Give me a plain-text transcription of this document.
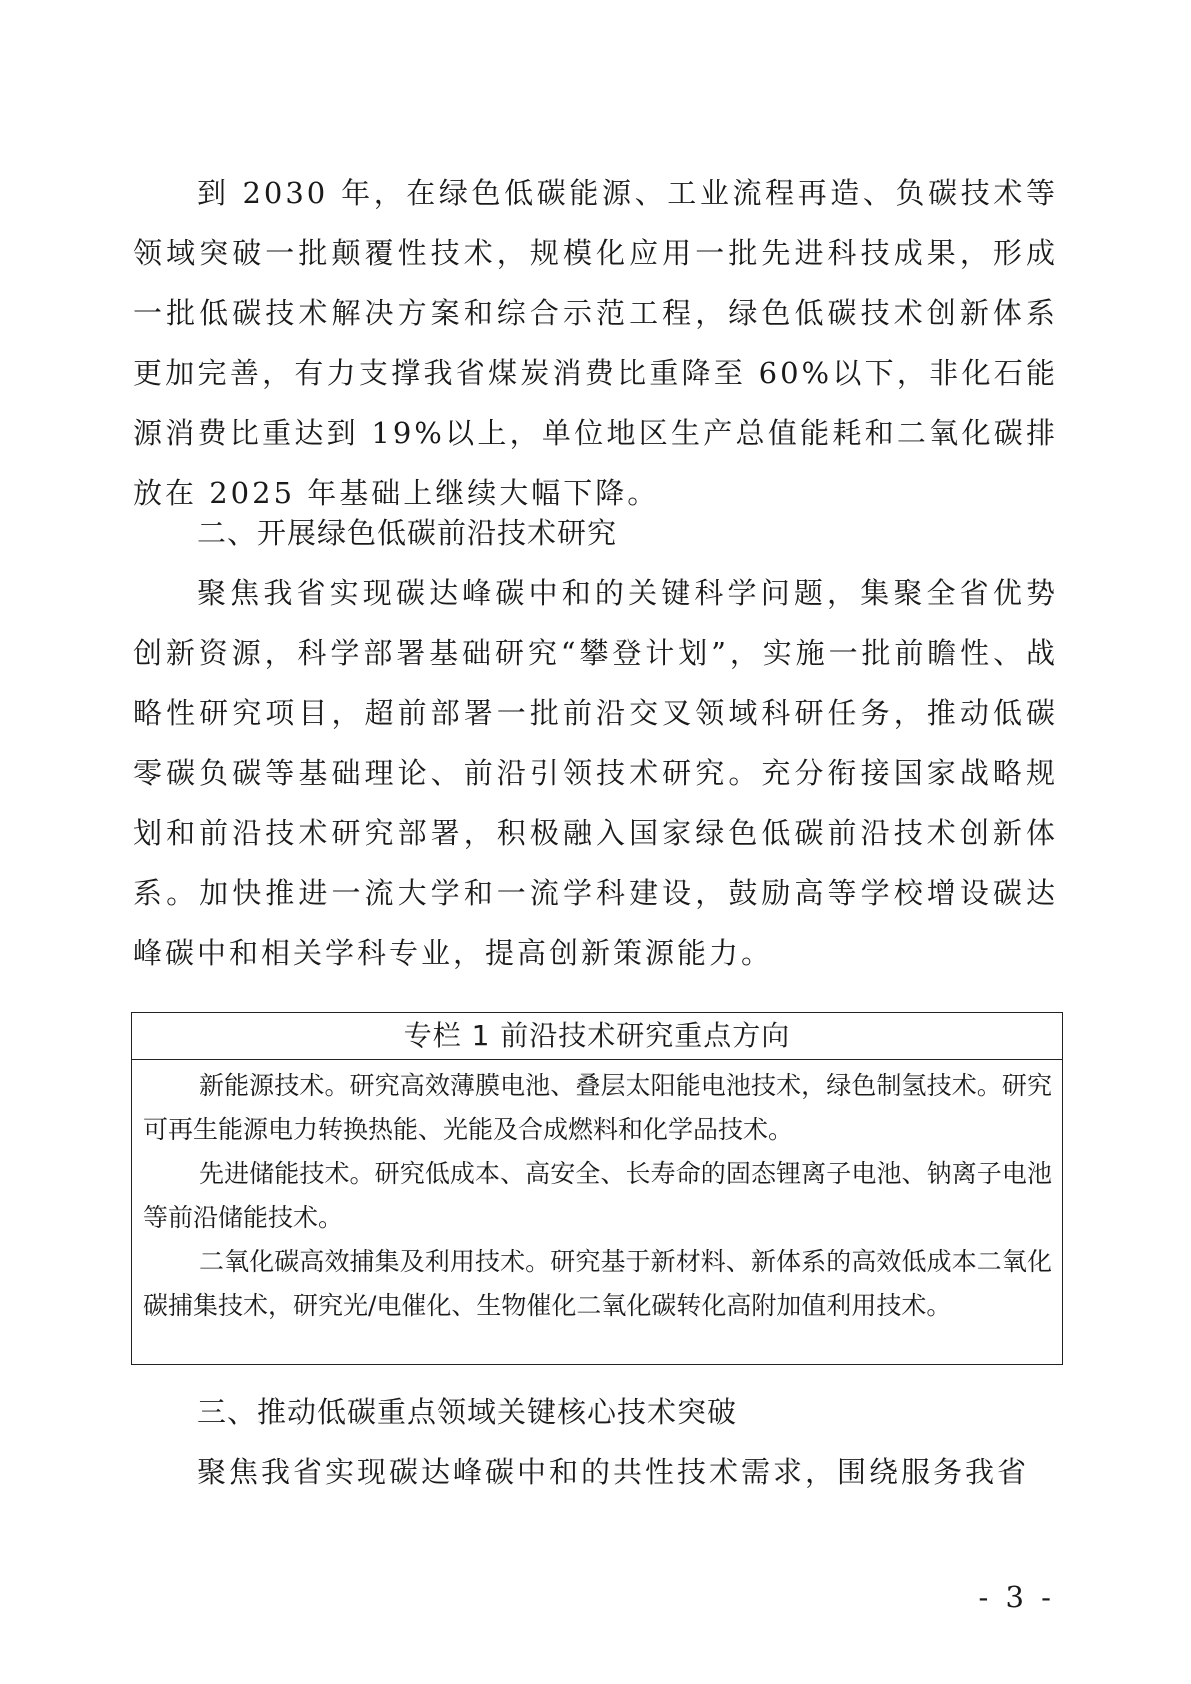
到 2030 年，在绿色低碳能源、工业流程再造、负碳技术等领域突破一批颠覆性技术，规模化应用一批先进科技成果，形成一批低碳技术解决方案和综合示范工程，绿色低碳技术创新体系更加完善，有力支撑我省煤炭消费比重降至 60%以下，非化石能源消费比重达到 19%以上，单位地区生产总值能耗和二氧化碳排放在 2025 年基础上继续大幅下降。

二、开展绿色低碳前沿技术研究

聚焦我省实现碳达峰碳中和的关键科学问题，集聚全省优势创新资源，科学部署基础研究“攀登计划”，实施一批前瞻性、战略性研究项目，超前部署一批前沿交叉领域科研任务，推动低碳零碳负碳等基础理论、前沿引领技术研究。充分衔接国家战略规划和前沿技术研究部署，积极融入国家绿色低碳前沿技术创新体系。加快推进一流大学和一流学科建设，鼓励高等学校增设碳达峰碳中和相关学科专业，提高创新策源能力。

专栏 1 前沿技术研究重点方向

新能源技术。研究高效薄膜电池、叠层太阳能电池技术，绿色制氢技术。研究可再生能源电力转换热能、光能及合成燃料和化学品技术。

先进储能技术。研究低成本、高安全、长寿命的固态锂离子电池、钠离子电池等前沿储能技术。

二氧化碳高效捕集及利用技术。研究基于新材料、新体系的高效低成本二氧化碳捕集技术，研究光/电催化、生物催化二氧化碳转化高附加值利用技术。

三、推动低碳重点领域关键核心技术突破

聚焦我省实现碳达峰碳中和的共性技术需求，围绕服务我省

- 3 -
